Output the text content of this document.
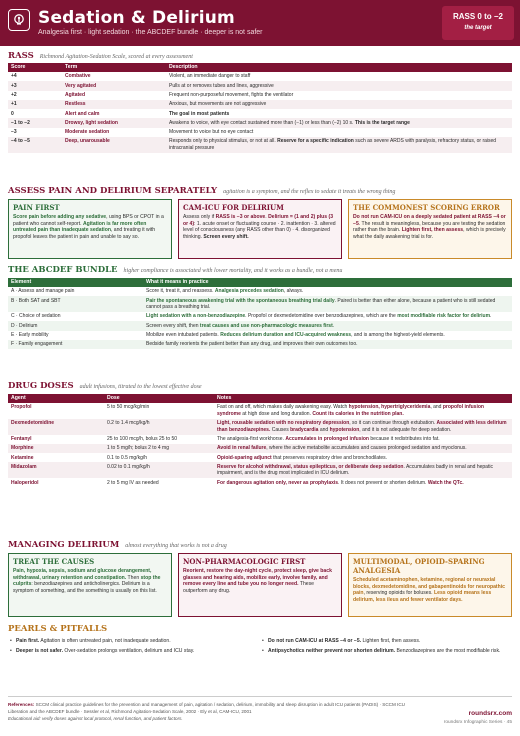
Sedation & Delirium
Analgesia first · light sedation · the ABCDEF bundle · deeper is not safer
RASS 0 to −2
the target
RASS Richmond Agitation-Sedation Scale, scored at every assessment
Score	Term	Description
+4	Combative	Violent, an immediate danger to staff
+3	Very agitated	Pulls at or removes tubes and lines, aggressive
+2	Agitated	Frequent non-purposeful movement, fights the ventilator
+1	Restless	Anxious, but movements are not aggressive
0	Alert and calm	The goal in most patients
−1 to −2	Drowsy, light sedation	Awakens to voice, with eye contact sustained more than (−1) or less than (−2) 10 s. This is the target range
−3	Moderate sedation	Movement to voice but no eye contact
−4 to −5	Deep, unarousable	Responds only to physical stimulus, or not at all. Reserve for a specific indication such as severe ARDS with paralysis, refractory status, or raised intracranial pressure
ASSESS PAIN AND DELIRIUM SEPARATELY agitation is a symptom, and the reflex to sedate it treats the wrong thing
PAIN FIRST
Score pain before adding any sedative, using BPS or CPOT in a patient who cannot self-report. Agitation is far more often untreated pain than inadequate sedation, and treating it with propofol leaves the patient in pain and unable to say so.
CAM-ICU FOR DELIRIUM
Assess only if RASS is −3 or above. Delirium = (1 and 2) plus (3 or 4): 1. acute onset or fluctuating course · 2. inattention · 3. altered level of consciousness (any RASS other than 0) · 4. disorganized thinking. Screen every shift.
THE COMMONEST SCORING ERROR
Do not run CAM-ICU on a deeply sedated patient at RASS −4 or −5. The result is meaningless, because you are testing the sedation rather than the brain. Lighten first, then assess, which is precisely what the daily awakening trial is for.
THE ABCDEF BUNDLE higher compliance is associated with lower mortality, and it works as a bundle, not a menu
Element	What it means in practice
A · Assess and manage pain	Score it, treat it, and reassess. Analgesia precedes sedation, always.
B · Both SAT and SBT	Pair the spontaneous awakening trial with the spontaneous breathing trial daily. Paired is better than either alone, because a patient who is still sedated cannot pass a breathing trial.
C · Choice of sedation	Light sedation with a non-benzodiazepine. Propofol or dexmedetomidine over benzodiazepines, which are the most modifiable risk factor for delirium.
D · Delirium	Screen every shift, then treat causes and use non-pharmacologic measures first.
E · Early mobility	Mobilize even intubated patients. Reduces delirium duration and ICU-acquired weakness, and is among the highest-yield elements.
F · Family engagement	Bedside family reorients the patient better than any drug, and improves their own outcomes too.
DRUG DOSES adult infusions, titrated to the lowest effective dose
Agent	Dose	Notes
Propofol	5 to 50 mcg/kg/min	Fast on and off, which makes daily awakening easy. Watch hypotension, hypertriglyceridemia, and propofol infusion syndrome at high dose and long duration. Count its calories in the nutrition plan.
Dexmedetomidine	0.2 to 1.4 mcg/kg/h	Light, rousable sedation with no respiratory depression, so it can continue through extubation. Associated with less delirium than benzodiazepines. Causes bradycardia and hypotension, and it is not adequate for deep sedation.
Fentanyl	25 to 100 mcg/h, bolus 25 to 50	The analgesia-first workhorse. Accumulates in prolonged infusion because it redistributes into fat.
Morphine	1 to 5 mg/h; bolus 2 to 4 mg	Avoid in renal failure, where the active metabolite accumulates and causes prolonged sedation and myoclonus.
Ketamine	0.1 to 0.5 mg/kg/h	Opioid-sparing adjunct that preserves respiratory drive and bronchodilates.
Midazolam	0.02 to 0.1 mg/kg/h	Reserve for alcohol withdrawal, status epilepticus, or deliberate deep sedation. Accumulates badly in renal and hepatic impairment, and is the drug most implicated in ICU delirium.
Haloperidol	2 to 5 mg IV as needed	For dangerous agitation only, never as prophylaxis. It does not prevent or shorten delirium. Watch the QTc.
MANAGING DELIRIUM almost everything that works is not a drug
TREAT THE CAUSES
Pain, hypoxia, sepsis, sodium and glucose derangement, withdrawal, urinary retention and constipation. Then stop the culprits: benzodiazepines and anticholinergics. Delirium is a symptom of something, and the something is usually on this list.
NON-PHARMACOLOGIC FIRST
Reorient, restore the day-night cycle, protect sleep, give back glasses and hearing aids, mobilize early, involve family, and remove every line and tube you no longer need. These outperform any drug.
MULTIMODAL, OPIOID-SPARING ANALGESIA
Scheduled acetaminophen, ketamine, regional or neuraxial blocks, dexmedetomidine, and gabapentinoids for neuropathic pain, reserving opioids for boluses. Less opioid means less delirium, less ileus and fewer ventilator days.
PEARLS & PITFALLS
• Pain first. Agitation is often untreated pain, not inadequate sedation.
• Deeper is not safer. Over-sedation prolongs ventilation, delirium and ICU stay.
• Do not run CAM-ICU at RASS −4 or −5. Lighten first, then assess.
• Antipsychotics neither prevent nor shorten delirium. Benzodiazepines are the most modifiable risk.
References: SCCM clinical practice guidelines for the prevention and management of pain, agitation / sedation, delirium, immobility and sleep disruption in adult ICU patients (PADIS) · SCCM ICU Liberation and the ABCDEF bundle · Sessler et al, Richmond Agitation-Sedation Scale, 2002 · Ely et al, CAM-ICU, 2001
Educational aid: verify doses against local protocol, renal function, and patient factors.
roundsrx.com
roundsrx Infographic Series · 45
